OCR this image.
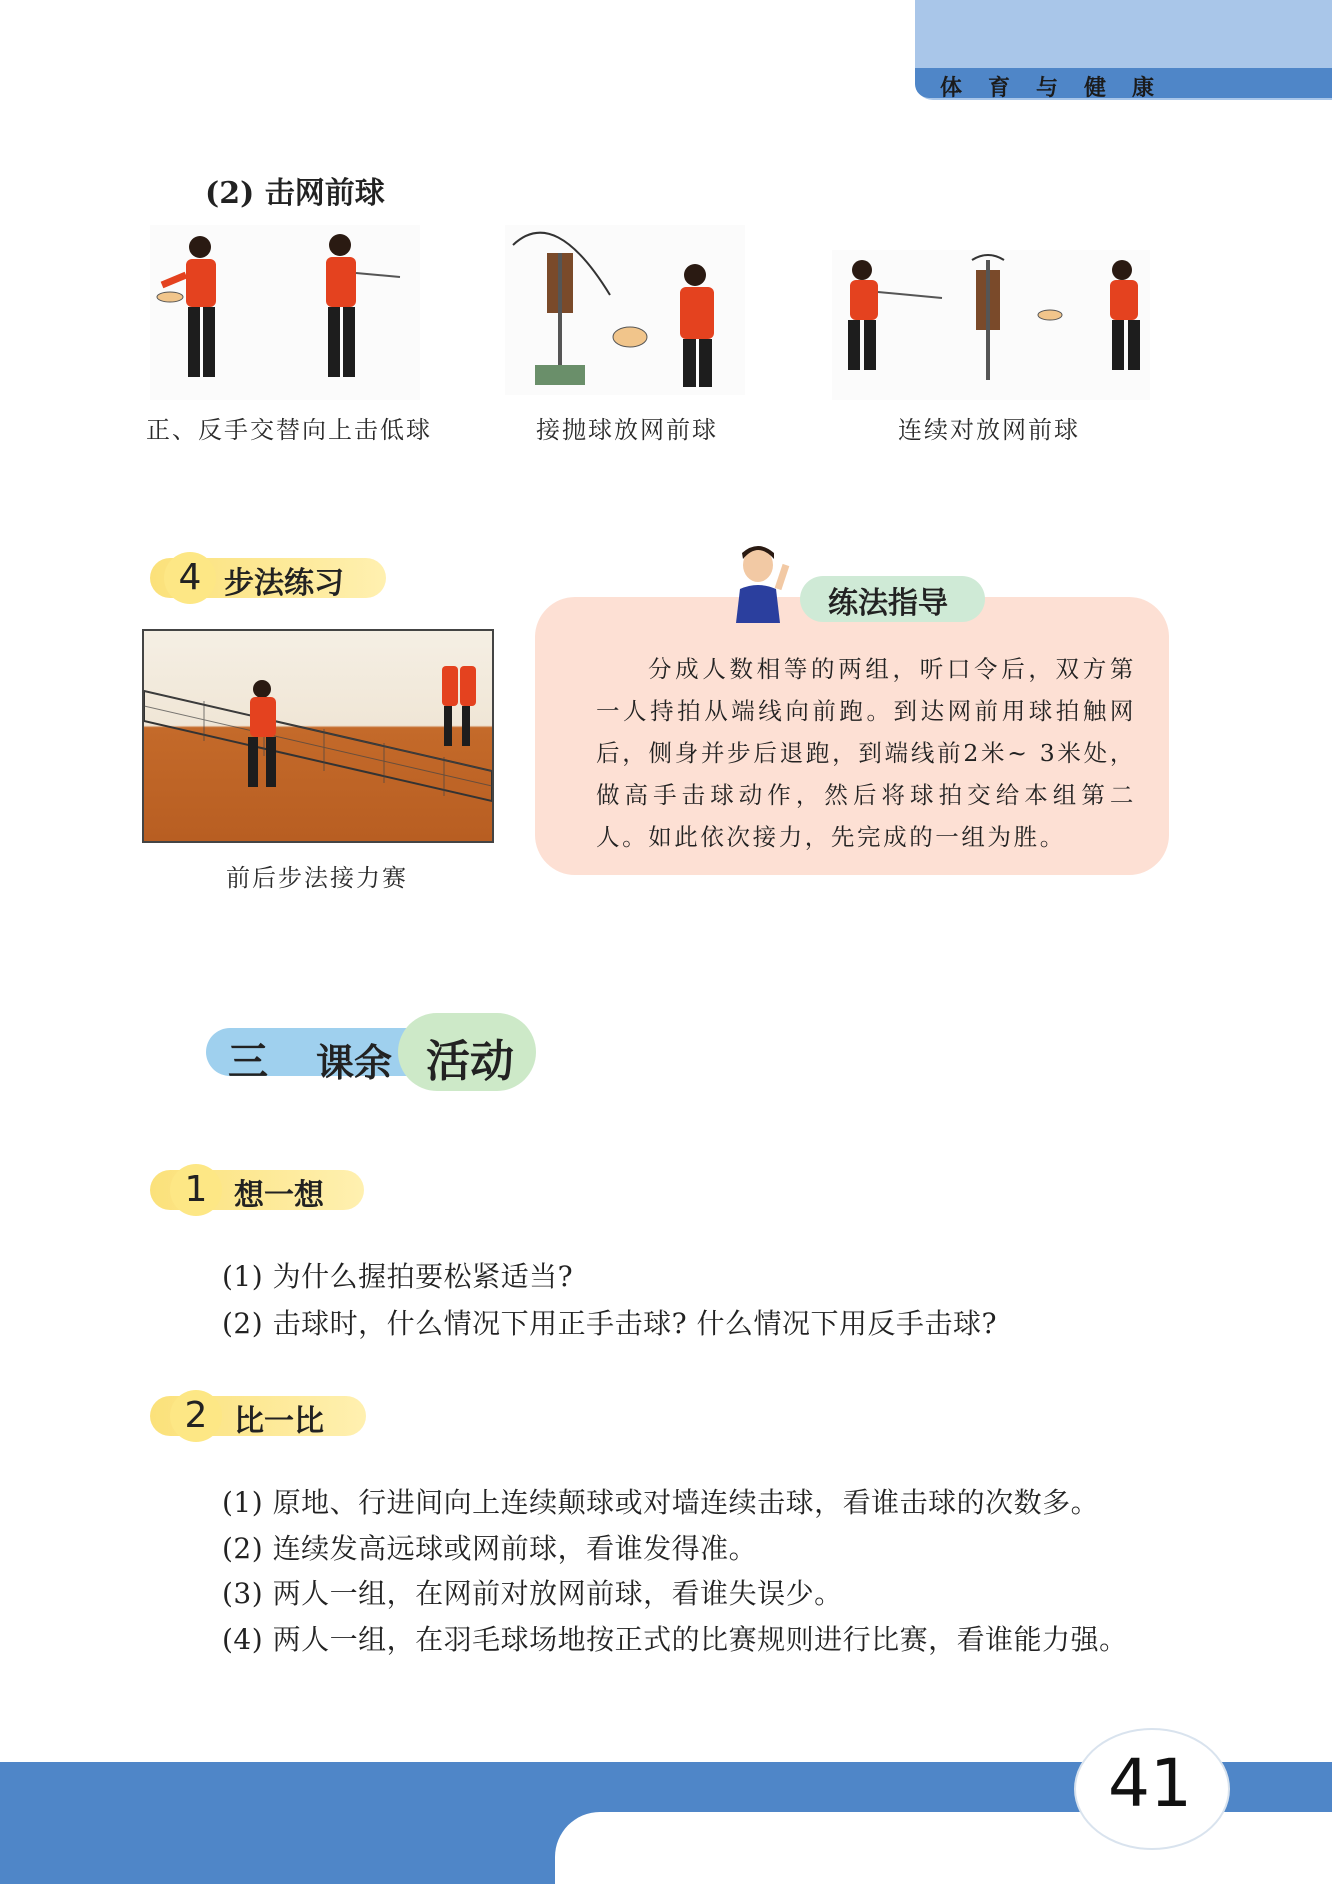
体育与健康
(2) 击网前球
正、反手交替向上击低球	接抛球放网前球	连续对放网前球
4 步法练习
前后步法接力赛
练法指导
分成人数相等的两组，听口令后，双方第一人持拍从端线向前跑。到达网前用球拍触网后，侧身并步后退跑，到端线前2米~ 3米处，做高手击球动作，然后将球拍交给本组第二人。如此依次接力，先完成的一组为胜。
三 课余 活动
1 想一想
(1) 为什么握拍要松紧适当?
(2) 击球时，什么情况下用正手击球? 什么情况下用反手击球?
2 比一比
(1) 原地、行进间向上连续颠球或对墙连续击球，看谁击球的次数多。
(2) 连续发高远球或网前球，看谁发得准。
(3) 两人一组，在网前对放网前球，看谁失误少。
(4) 两人一组，在羽毛球场地按正式的比赛规则进行比赛，看谁能力强。
41
